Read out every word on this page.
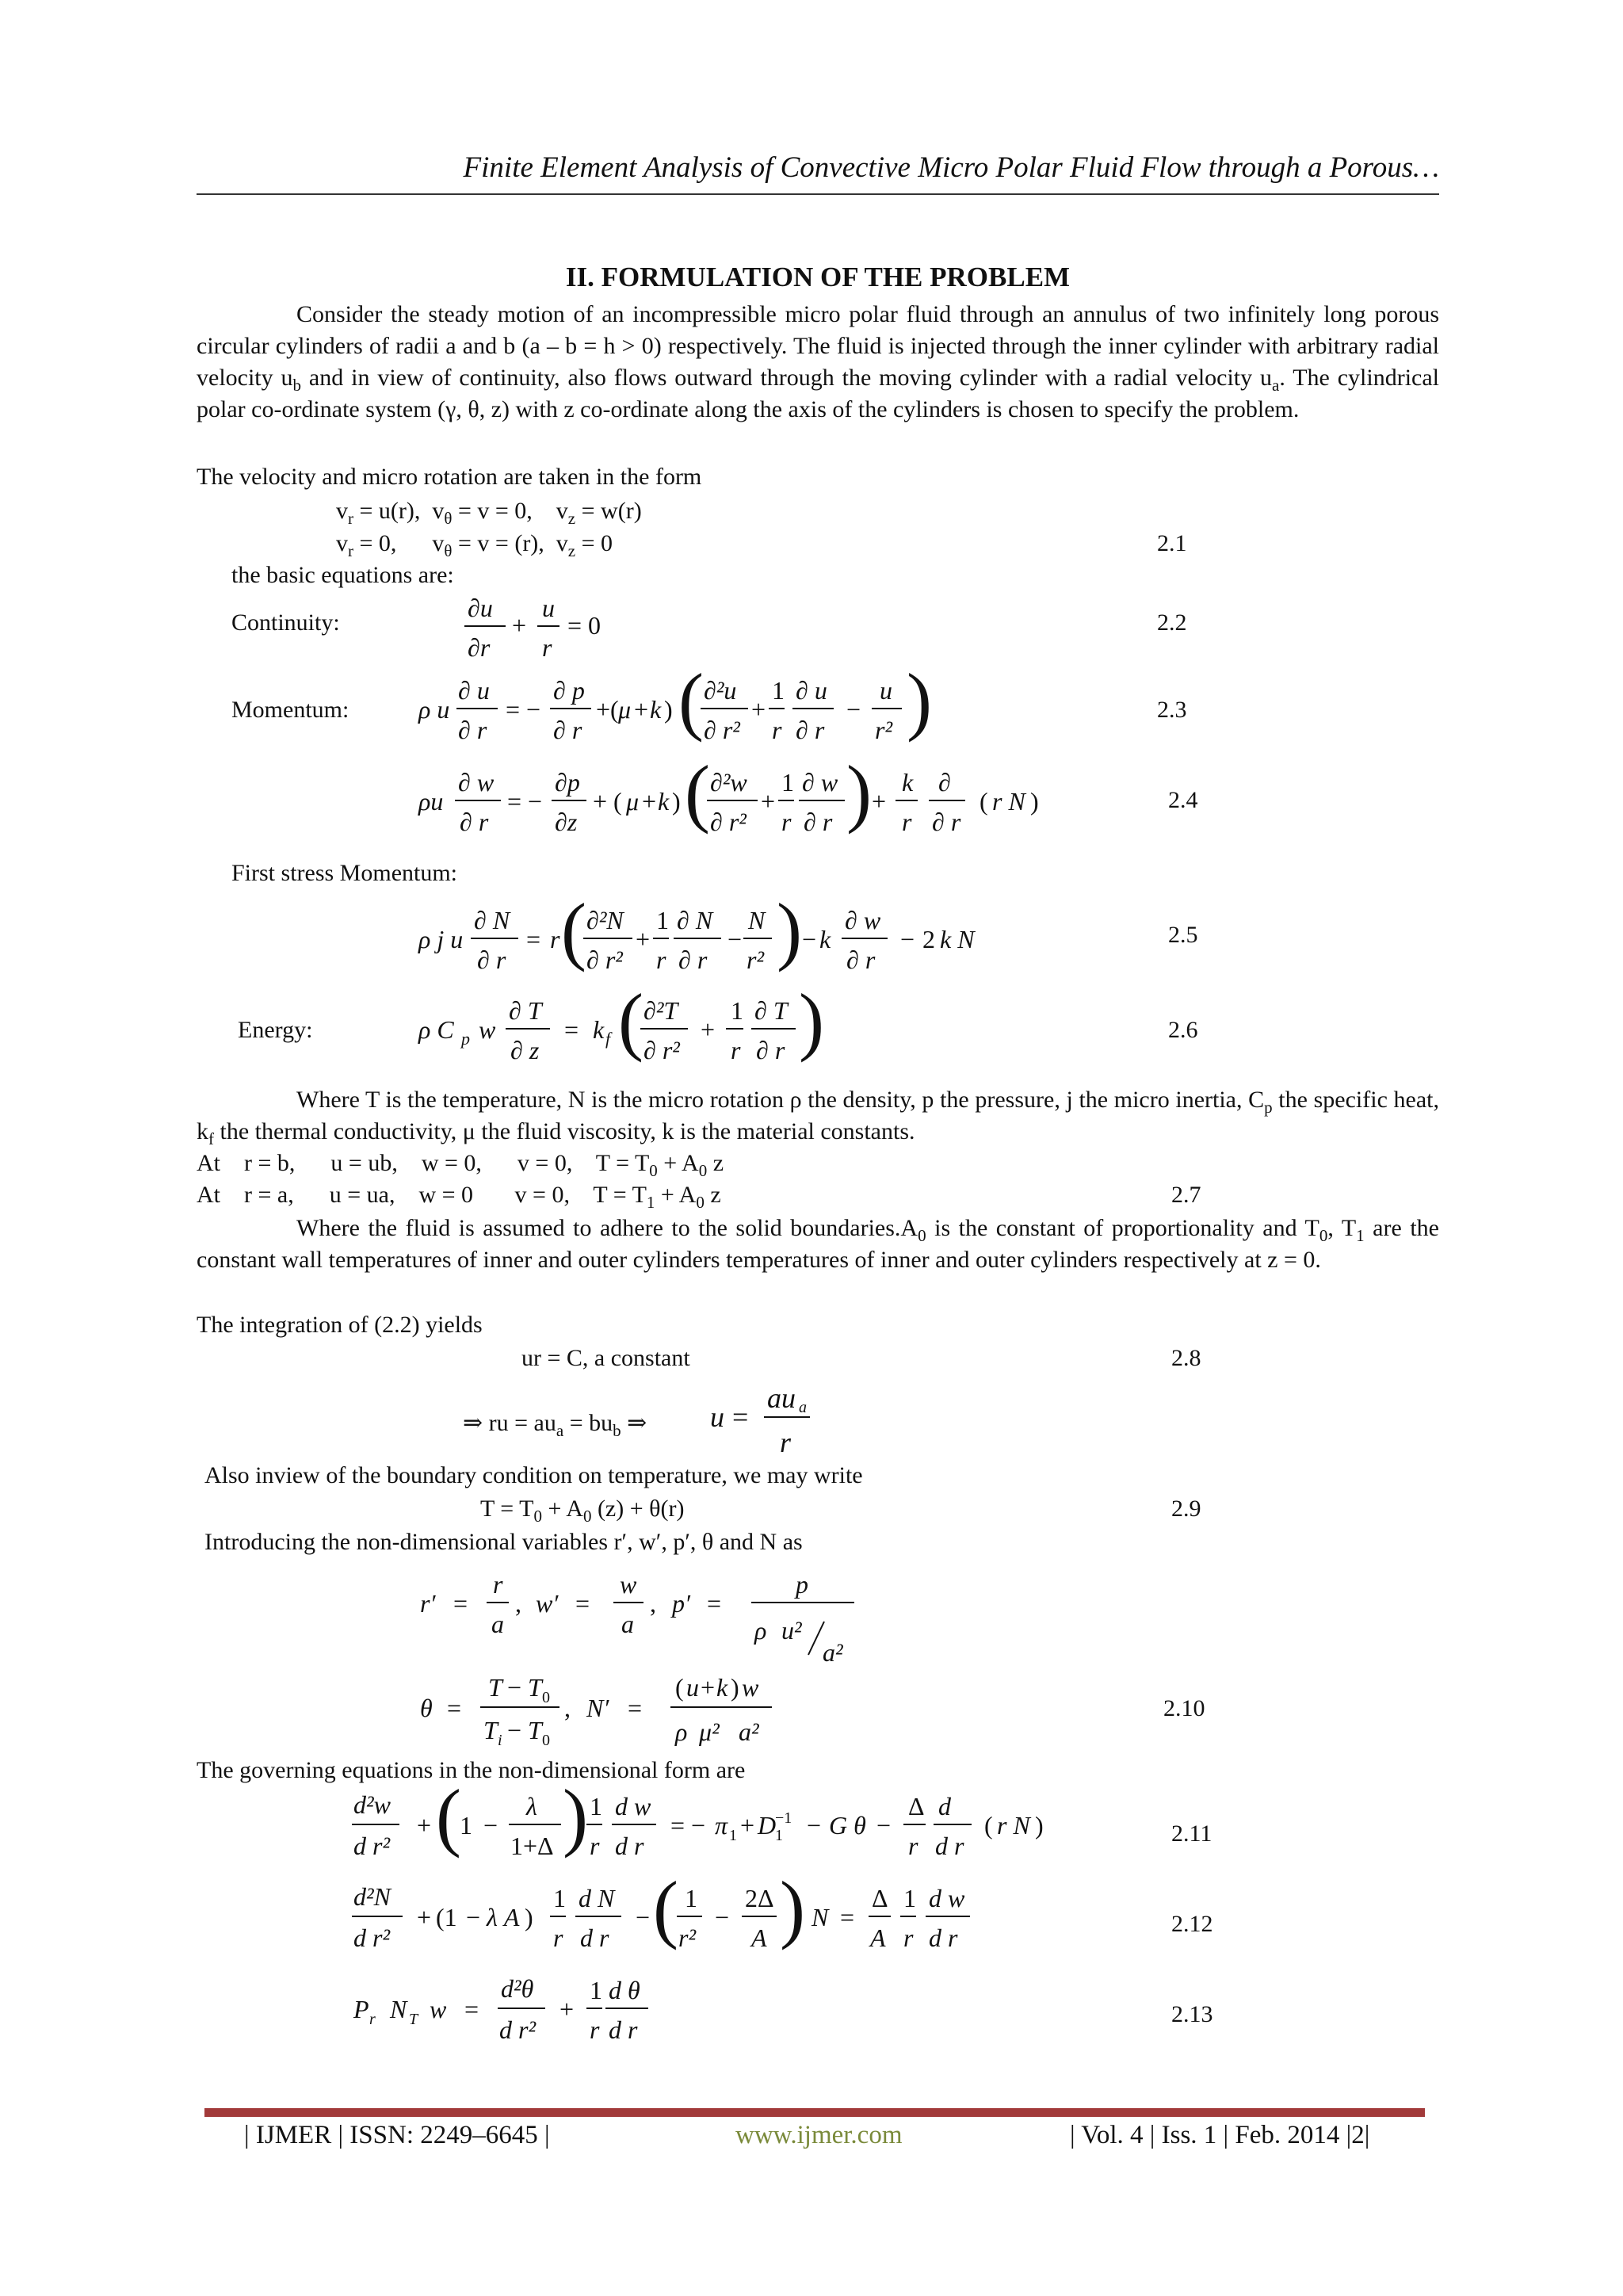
Finite Element Analysis of Convective Micro Polar Fluid Flow through a Porous…
II. FORMULATION OF THE PROBLEM
Consider the steady motion of an incompressible micro polar fluid through an annulus of two infinitely long porous circular cylinders of radii a and b (a – b = h > 0) respectively. The fluid is injected through the inner cylinder with arbitrary radial velocity $u_b$ and in view of continuity, also flows outward through the moving cylinder with a radial velocity $u_a$. The cylindrical polar co-ordinate system (γ, θ, z) with z co-ordinate along the axis of the cylinders is chosen to specify the problem.
The velocity and micro rotation are taken in the form
$v_r = u(r)$,  $v_\theta = v = 0$,    $v_z = w(r)$
$v_r = 0$,      $v_\theta = v = (r)$,  $v_z = 0$	2.1
the basic equations are:
Continuity:
∂u
∂r
+
u
r
= 0	2.2
Momentum:	ρ u
∂ u
∂ r
= −
∂ p
∂ r
+( μ + k ) ( ∂²u
∂ r²
+
1
r
∂ u
∂ r
−
u
r² )	2.3
ρu
∂ w
∂ r
= −
∂p
∂z
+ ( μ + k ) ( ∂²w
∂ r²
+
1
r
∂ w
∂ r ) +
k
r
∂
∂ r
( r N )	2.4
First stress Momentum:
ρ j u
∂ N
∂ r
= r ( ∂²N
∂ r²
+
1
r
∂ N
∂ r
−
N
r² ) − k
∂ w
∂ r
− 2 k N	2.5
Energy:	ρ C p w
∂ T
∂ z
= k f ( ∂²T
∂ r²
+
1
r
∂ T
∂ r )	2.6
Where T is the temperature, N is the micro rotation ρ the density, p the pressure, j the micro inertia, $C_p$ the specific heat, $k_f$ the thermal conductivity, μ the fluid viscosity, k is the material constants.
At    r = b,      u = ub,    w = 0,      v = 0,    $T = T_0 + A_0$ z
At    r = a,      u = ua,    w = 0       v = 0,    $T = T_1 + A_0$ z	2.7
Where the fluid is assumed to adhere to the solid $boundaries.A_0$ is the constant of proportionality and $T_0$, $T_1$ are the constant wall temperatures of inner and outer cylinders temperatures of inner and outer cylinders respectively at z = 0.
The integration of (2.2) yields
ur = C, a constant	2.8
⇒ ru = $au_a = bu_b$ ⇒ u =
au a
r
Also inview of the boundary condition on temperature, we may write
$T = T_0 + A_0$ (z) + θ(r)	2.9
Introducing the non-dimensional variables r′, w′, p′, θ and N as
r′ =
r
a
, w′ =
w
a
, p′ =
p
ρ u²
a²
θ =
T − T 0
T i − T 0
, N′ =
( u + k ) w
ρ μ² a²
2.10
The governing equations in the non-dimensional form are
d²w
d r²
+ (
1 −
λ
1+Δ ) 1
r
d w
d r
= − π 1 + D
1
−1 − G θ −
Δ
r
d
d r
( r N )	2.11
d²N
d r²
+ (1 − λ A )
1
r
d N
d r
− ( 1
r²
−
2Δ
A ) N =
Δ
A
1
r
d w
d r	2.12
P r N T w =
d²θ
d r²
+
1
r
d θ
d r
2.13
| IJMER | ISSN: 2249–6645 |	www.ijmer.com	| Vol. 4 | Iss. 1 | Feb. 2014 |2|
